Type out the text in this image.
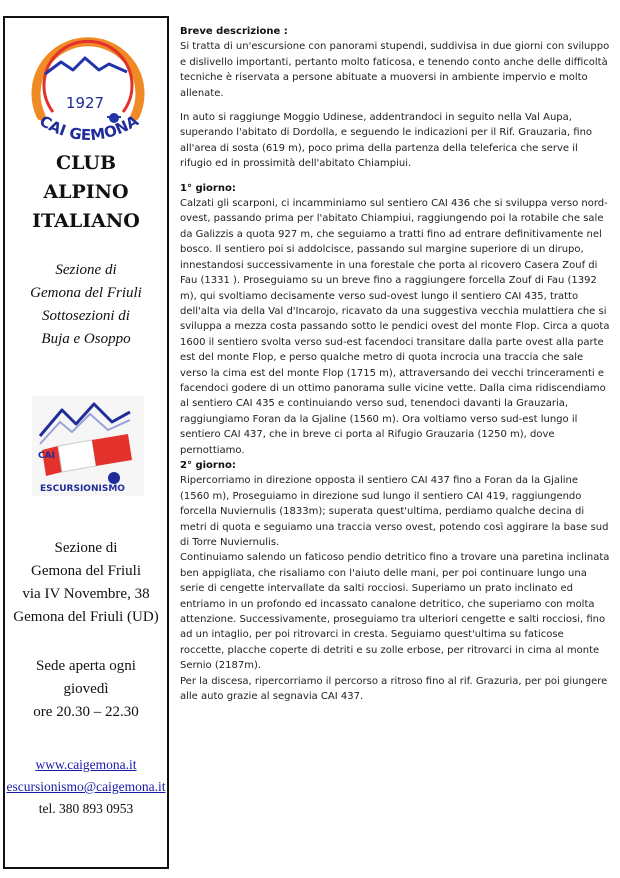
1927
CAI GEMONA
CLUB
ALPINO
ITALIANO
Sezione di
Gemona del Friuli
Sottosezioni di
Buja e Osoppo
CAI
ESCURSIONISMO
Sezione di
Gemona del Friuli
via IV Novembre, 38
Gemona del Friuli (UD)
Sede aperta ogni
giovedì
ore 20.30 – 22.30
www.caigemona.it
escursionismo@caigemona.it
tel. 380 893 0953
Breve descrizione :

Si tratta di un'escursione con panorami stupendi, suddivisa in due giorni con sviluppo e dislivello importanti, pertanto molto faticosa, e tenendo conto anche delle difficoltà tecniche è riservata a persone abituate a muoversi in ambiente impervio e molto allenate.

In auto si raggiunge Moggio Udinese, addentrandoci in seguito nella Val Aupa, superando l'abitato di Dordolla, e seguendo le indicazioni per il Rif. Grauzaria, fino all'area di sosta (619 m), poco prima della partenza della teleferica che serve il rifugio ed in prossimità dell'abitato Chiampiui.

1° giorno:

Calzati gli scarponi, ci incamminiamo sul sentiero CAI 436 che si sviluppa verso nord-ovest, passando prima per l'abitato Chiampiui, raggiungendo poi la rotabile che sale da Galizzis a quota 927 m, che seguiamo a tratti fino ad entrare definitivamente nel bosco. Il sentiero poi si addolcisce, passando sul margine superiore di un dirupo, innestandosi successivamente in una forestale che porta al ricovero Casera Zouf di Fau (1331 ). Proseguiamo su un breve fino a raggiungere forcella Zouf di Fau (1392 m), qui svoltiamo decisamente verso sud-ovest lungo il sentiero CAI 435, tratto dell'alta via della Val d'Incarojo, ricavato da una suggestiva vecchia mulattiera che si sviluppa a mezza costa passando sotto le pendici ovest del monte Flop. Circa a quota 1600 il sentiero svolta verso sud-est facendoci transitare dalla parte ovest alla parte est del monte Flop, e perso qualche metro di quota incrocia una traccia che sale verso la cima est del monte Flop (1715 m), attraversando dei vecchi trinceramenti e facendoci godere di un ottimo panorama sulle vicine vette. Dalla cima ridiscendiamo al sentiero CAI 435 e continuiando verso sud, tenendoci davanti la Grauzaria, raggiungiamo Foran da la Gjaline (1560 m). Ora voltiamo verso sud-est lungo il sentiero CAI 437, che in breve ci porta al Rifugio Grauzaria (1250 m), dove pernottiamo.

2° giorno:

Ripercorriamo in direzione opposta il sentiero CAI 437 fino a Foran da la Gjaline (1560 m), Proseguiamo in direzione sud lungo il sentiero CAI 419, raggiungendo forcella Nuviernulis (1833m); superata quest'ultima, perdiamo qualche decina di metri di quota e seguiamo una traccia verso ovest, potendo così aggirare la base sud di Torre Nuviernulis.

Continuiamo salendo un faticoso pendio detritico fino a trovare una paretina inclinata ben appigliata, che risaliamo con l'aiuto delle mani, per poi continuare lungo una serie di cengette intervallate da salti rocciosi. Superiamo un prato inclinato ed entriamo in un profondo ed incassato canalone detritico, che superiamo con molta attenzione. Successivamente, proseguiamo tra ulteriori cengette e salti rocciosi, fino ad un intaglio, per poi ritrovarci in cresta. Seguiamo quest'ultima su faticose roccette, placche coperte di detriti e su zolle erbose, per ritrovarci in cima al monte Sernio (2187m).

Per la discesa, ripercorriamo il percorso a ritroso fino al rif. Grazuria, per poi giungere alle auto grazie al segnavia CAI 437.
